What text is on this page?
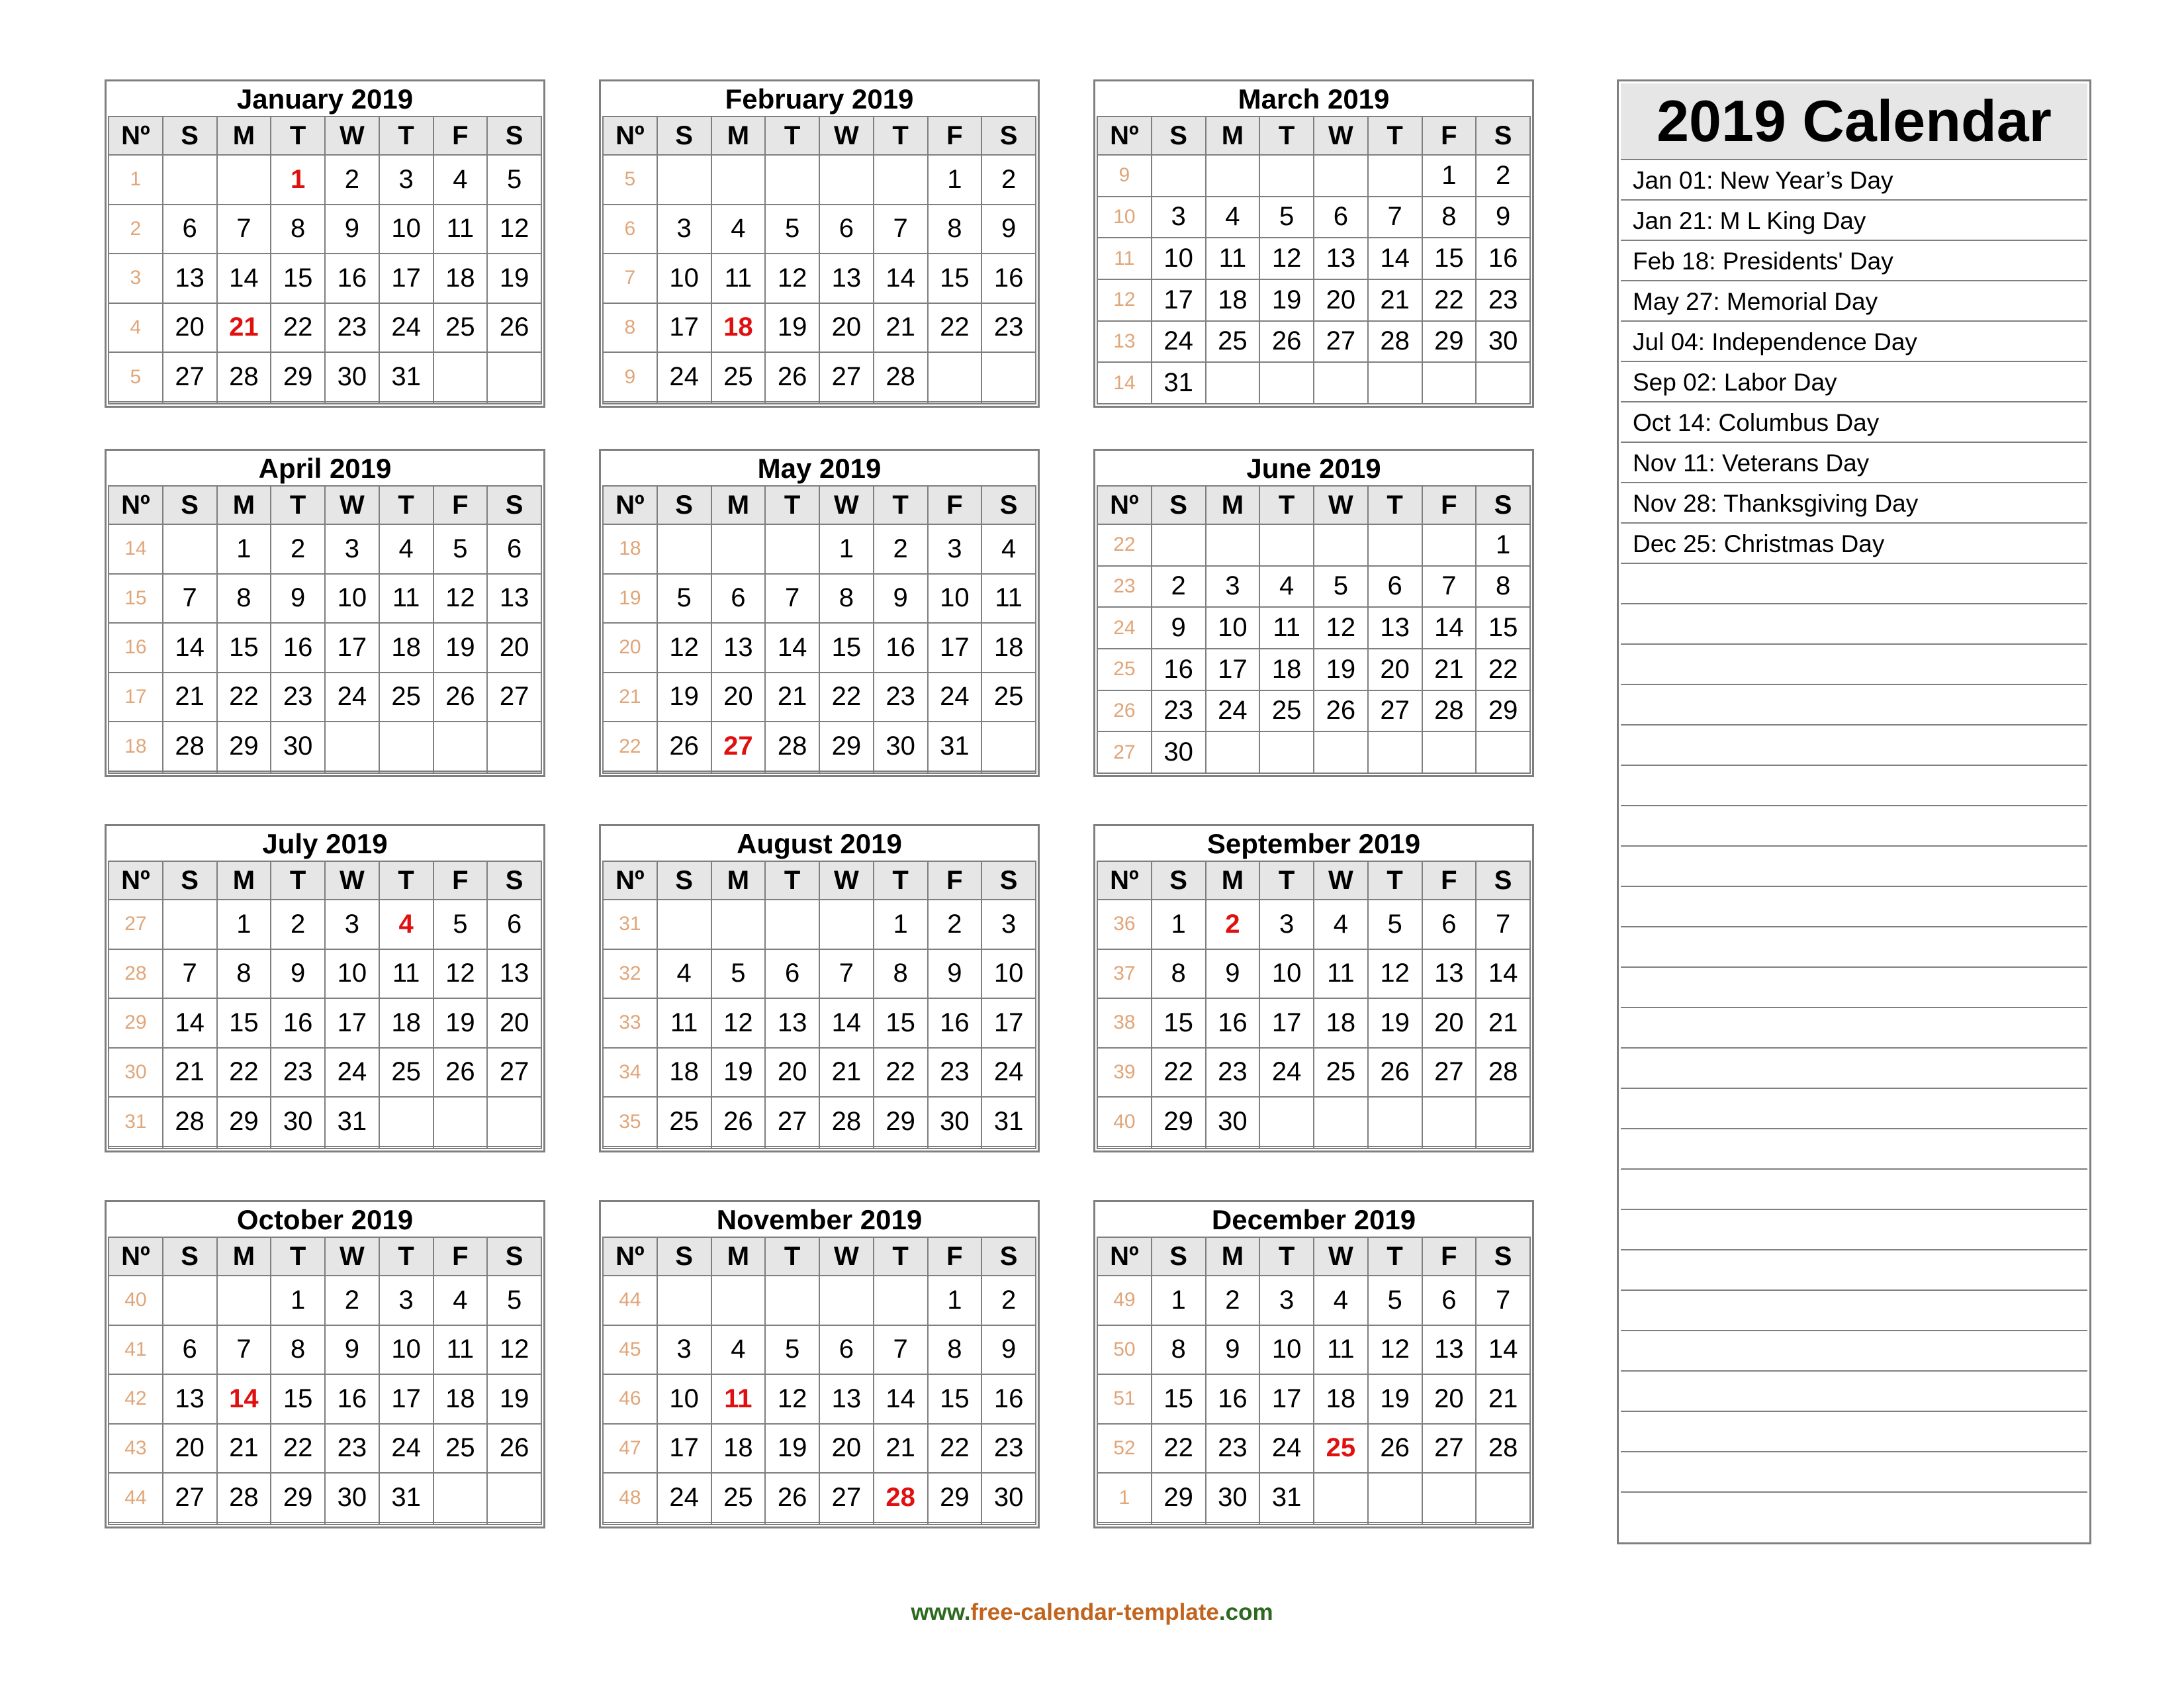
January 2019							
Nº	S	M	T	W	T	F	S
1			1	2	3	4	5
2	6	7	8	9	10	11	12
3	13	14	15	16	17	18	19
4	20	21	22	23	24	25	26
5	27	28	29	30	31		

February 2019							
Nº	S	M	T	W	T	F	S
5						1	2
6	3	4	5	6	7	8	9
7	10	11	12	13	14	15	16
8	17	18	19	20	21	22	23
9	24	25	26	27	28		

March 2019							
Nº	S	M	T	W	T	F	S
9						1	2
10	3	4	5	6	7	8	9
11	10	11	12	13	14	15	16
12	17	18	19	20	21	22	23
13	24	25	26	27	28	29	30
14	31						
April 2019							
Nº	S	M	T	W	T	F	S
14		1	2	3	4	5	6
15	7	8	9	10	11	12	13
16	14	15	16	17	18	19	20
17	21	22	23	24	25	26	27
18	28	29	30				

May 2019							
Nº	S	M	T	W	T	F	S
18				1	2	3	4
19	5	6	7	8	9	10	11
20	12	13	14	15	16	17	18
21	19	20	21	22	23	24	25
22	26	27	28	29	30	31	

June 2019							
Nº	S	M	T	W	T	F	S
22							1
23	2	3	4	5	6	7	8
24	9	10	11	12	13	14	15
25	16	17	18	19	20	21	22
26	23	24	25	26	27	28	29
27	30						
July 2019							
Nº	S	M	T	W	T	F	S
27		1	2	3	4	5	6
28	7	8	9	10	11	12	13
29	14	15	16	17	18	19	20
30	21	22	23	24	25	26	27
31	28	29	30	31			

August 2019							
Nº	S	M	T	W	T	F	S
31					1	2	3
32	4	5	6	7	8	9	10
33	11	12	13	14	15	16	17
34	18	19	20	21	22	23	24
35	25	26	27	28	29	30	31

September 2019							
Nº	S	M	T	W	T	F	S
36	1	2	3	4	5	6	7
37	8	9	10	11	12	13	14
38	15	16	17	18	19	20	21
39	22	23	24	25	26	27	28
40	29	30					

October 2019							
Nº	S	M	T	W	T	F	S
40			1	2	3	4	5
41	6	7	8	9	10	11	12
42	13	14	15	16	17	18	19
43	20	21	22	23	24	25	26
44	27	28	29	30	31		

November 2019							
Nº	S	M	T	W	T	F	S
44						1	2
45	3	4	5	6	7	8	9
46	10	11	12	13	14	15	16
47	17	18	19	20	21	22	23
48	24	25	26	27	28	29	30

December 2019							
Nº	S	M	T	W	T	F	S
49	1	2	3	4	5	6	7
50	8	9	10	11	12	13	14
51	15	16	17	18	19	20	21
52	22	23	24	25	26	27	28
1	29	30	31				

2019 Calendar
Jan 01: New Year’s Day
Jan 21: M L King Day
Feb 18: Presidents' Day
May 27: Memorial Day
Jul 04: Independence Day
Sep 02: Labor Day
Oct 14: Columbus Day
Nov 11: Veterans Day
Nov 28: Thanksgiving Day
Dec 25: Christmas Day
www.free-calendar-template.com
